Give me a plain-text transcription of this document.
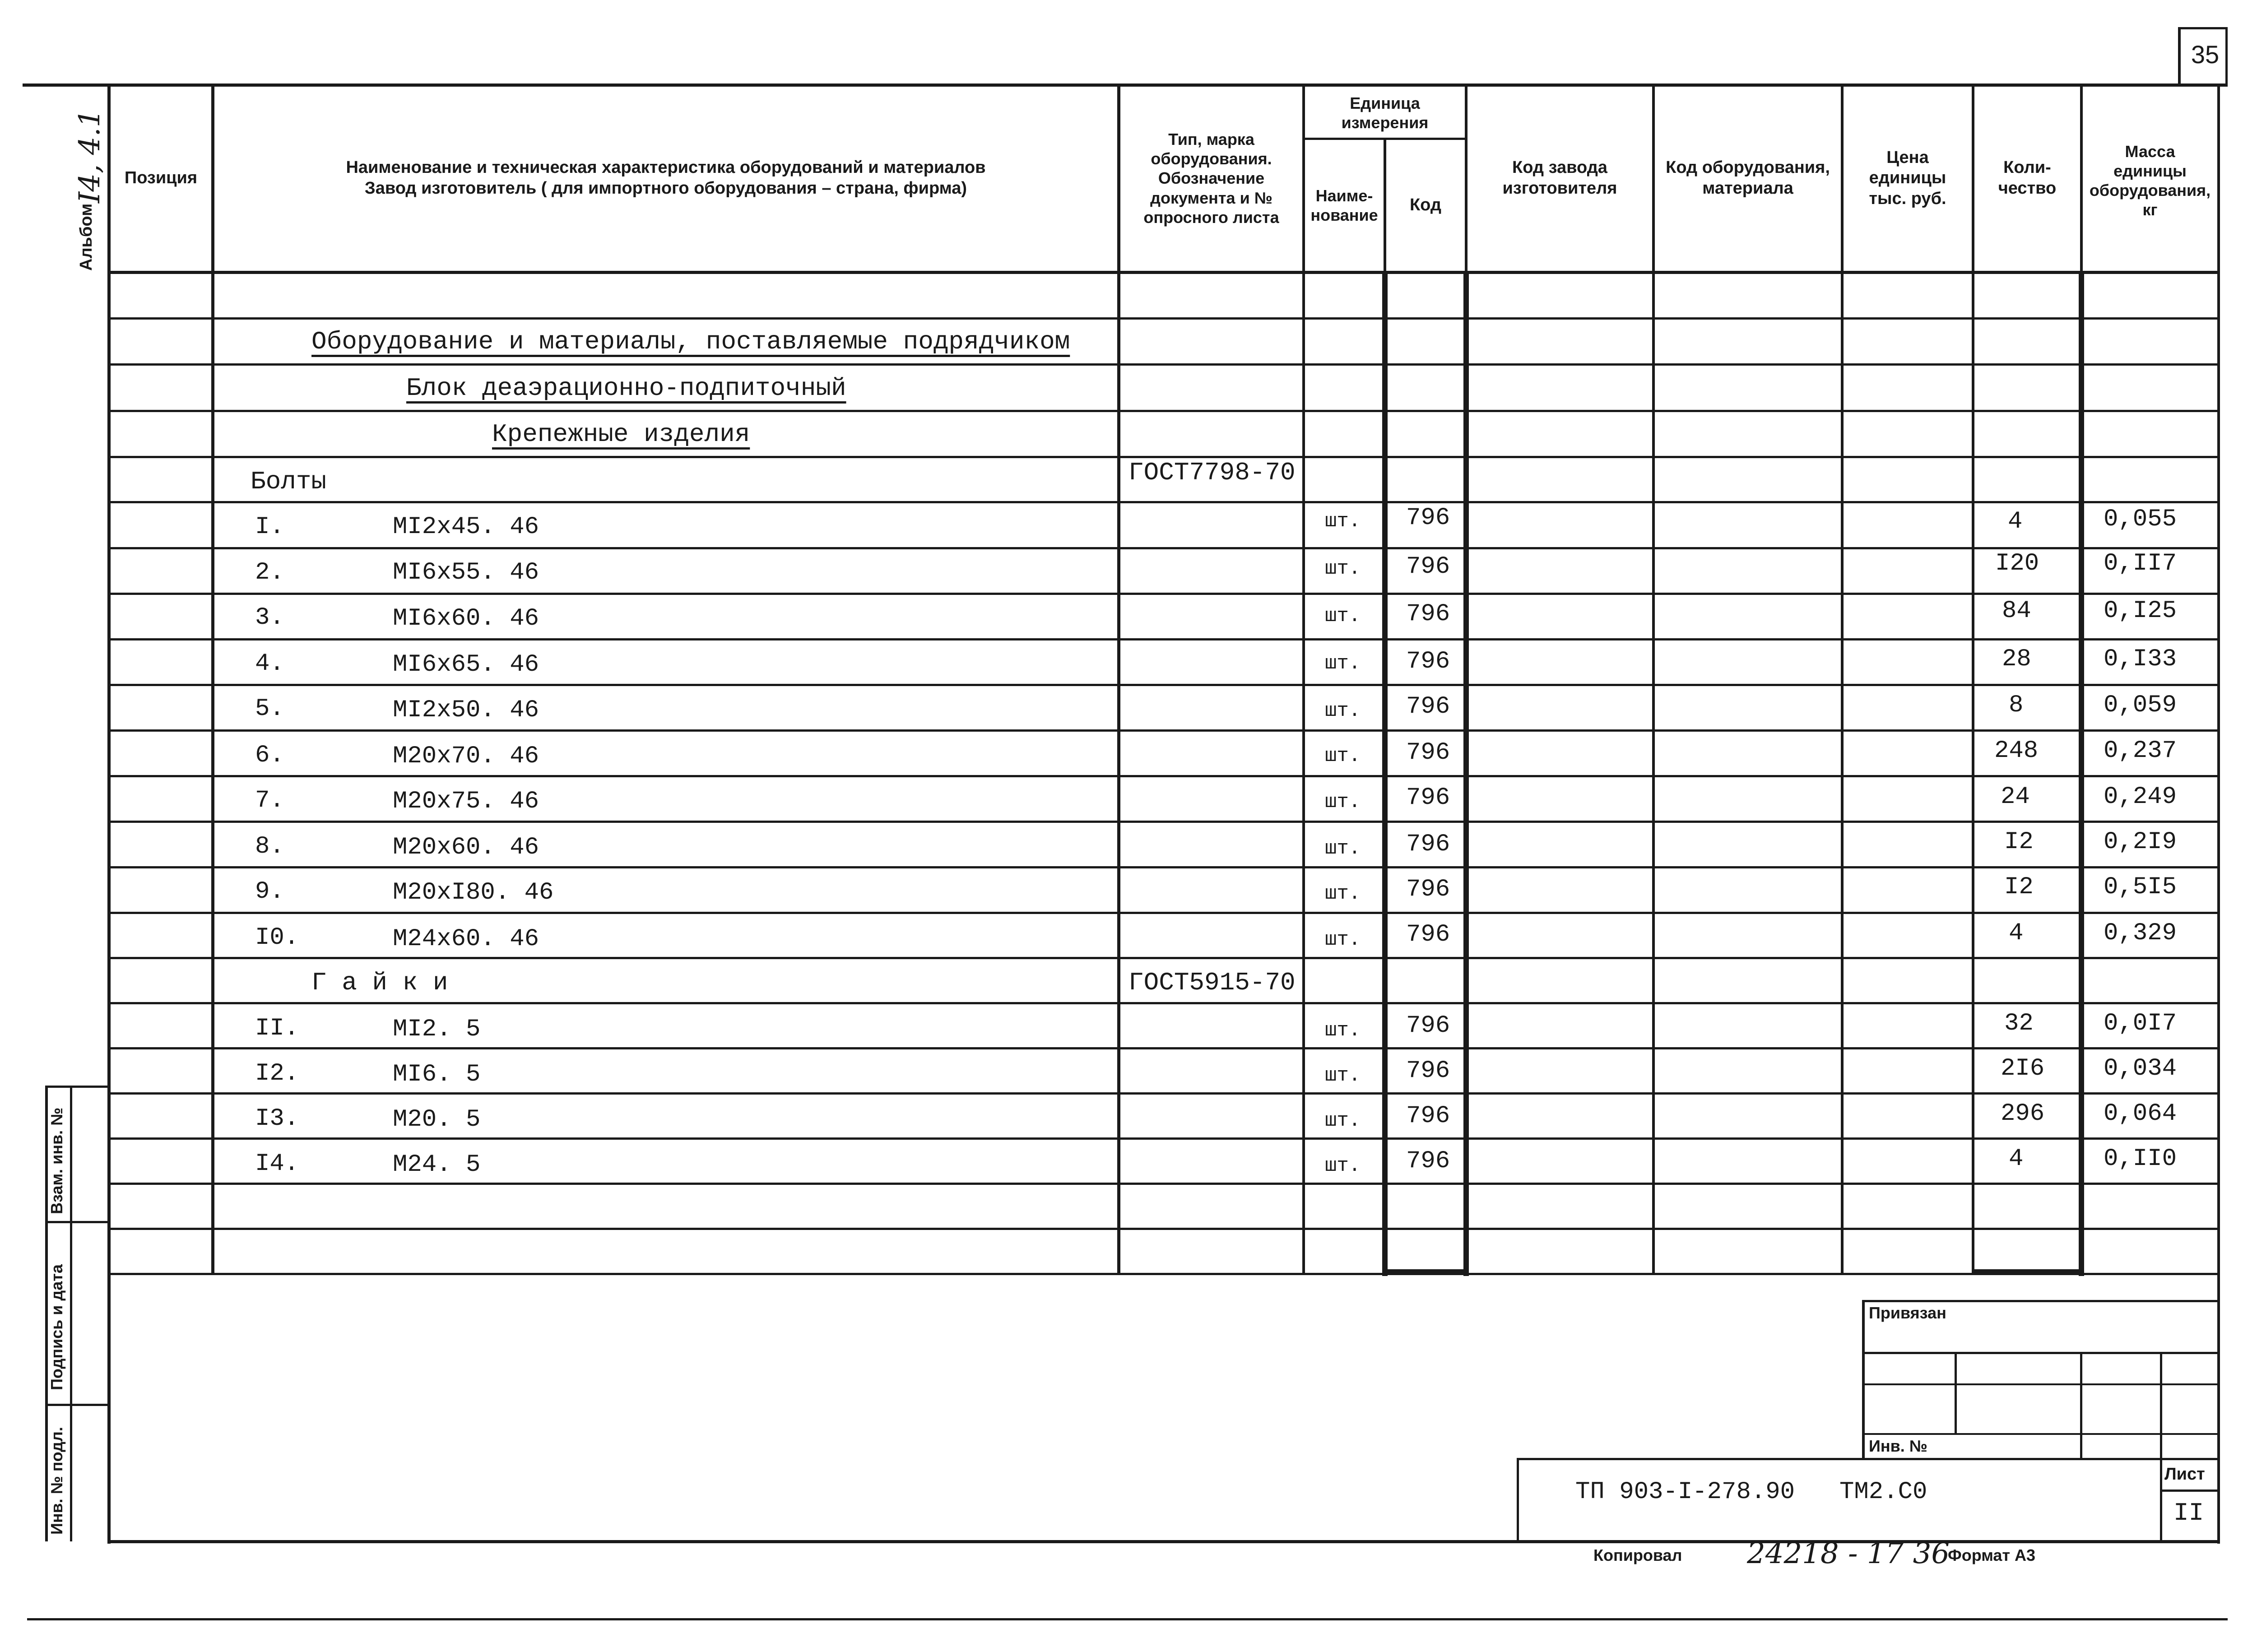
35
Позиция
Наименование и техническая характеристика оборудований и материалов
Завод изготовитель ( для импортного оборудования – страна, фирма)
Тип, марка
оборудования.
Обозначение
документа и №
опросного листа
Единица
измерения
Наиме-
нование
Код
Код завода
изготовителя
Код оборудования,
материала
Цена
единицы
тыс. руб.
Коли-
чество
Масса
единицы
оборудования,
кг
Оборудование и материалы, поставляемые подрядчиком
Блок деаэрационно-подпиточный
Крепежные изделия
Болты	ГОСТ7798-70
I.	МI2х45. 46	шт. 796	4	0,055
2.	МI6х55. 46	шт. 796	I20	0,II7
3.	МI6х60. 46	шт. 796	84	0,I25
4.	МI6х65. 46	шт. 796	28	0,I33
5.	МI2х50. 46	шт. 796	8	0,059
6.	М20х70. 46	шт. 796	248	0,237
7.	М20х75. 46	шт. 796	24	0,249
8.	М20х60. 46	шт. 796	I2	0,2I9
9.	М20хI80. 46	шт. 796	I2	0,5I5
I0.	М24х60. 46	шт. 796	4	0,329
Г а й к и	ГОСТ5915-70
II.	МI2. 5	шт. 796	32	0,0I7
I2.	МI6. 5	шт. 796	2I6 0,034
I3.	М20. 5	шт. 796	296 0,064
I4.	М24. 5	шт. 796	4	0,II0
Взам. инв. №
Подпись и дата
Инв. № подл.
Альбом
I4, 4.1
Привязан
Инв. №
Лист
II
ТП 903-I-278.90 ТМ2.С0
Копировал 24218 - 17 36
Формат А3
